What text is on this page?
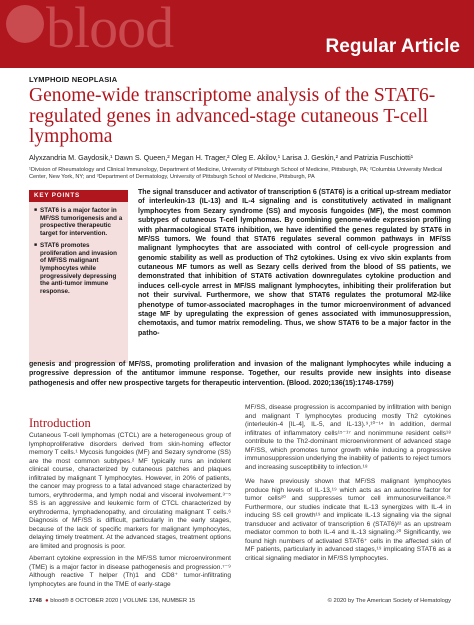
blood	Regular Article
LYMPHOID NEOPLASIA
Genome-wide transcriptome analysis of the STAT6-regulated genes in advanced-stage cutaneous T-cell lymphoma
Alyxzandria M. Gaydosik,¹ Dawn S. Queen,² Megan H. Trager,² Oleg E. Akilov,¹ Larisa J. Geskin,² and Patrizia Fuschiotti¹
¹Division of Rheumatology and Clinical Immunology, Department of Medicine, University of Pittsburgh School of Medicine, Pittsburgh, PA; ²Columbia University Medical Center, New York, NY; and ³Department of Dermatology, University of Pittsburgh School of Medicine, Pittsburgh, PA
KEY POINTS
■ STAT6 is a major factor in MF/SS tumorigenesis and a prospective therapeutic target for intervention.
■ STAT6 promotes proliferation and invasion of MF/SS malignant lymphocytes while progressively depressing the anti-tumor immune response.

The signal transducer and activator of transcription 6 (STAT6) is a critical up-stream mediator of interleukin-13 (IL-13) and IL-4 signaling and is constitutively activated in malignant lymphocytes from Sezary syndrome (SS) and mycosis fungoides (MF), the most common subtypes of cutaneous T-cell lymphomas. By combining genome-wide expression profiling with pharmacological STAT6 inhibition, we have identified the genes regulated by STAT6 in MF/SS tumors. We found that STAT6 regulates several common pathways in MF/SS malignant lymphocytes that are associated with control of cell-cycle progression and genomic stability as well as production of Th2 cytokines. Using ex vivo skin explants from cutaneous MF tumors as well as Sezary cells derived from the blood of SS patients, we demonstrated that inhibition of STAT6 activation downregulates cytokine production and induces cell-cycle arrest in MF/SS malignant lymphocytes, inhibiting their proliferation but not their survival. Furthermore, we show that STAT6 regulates the protumoral M2-like phenotype of tumor-associated macrophages in the tumor microenvironment of advanced stage MF by upregulating the expression of genes associated with immunosuppression, chemotaxis, and tumor matrix remodeling. Thus, we show STAT6 to be a major factor in the patho-

genesis and progression of MF/SS, promoting proliferation and invasion of the malignant lymphocytes while inducing a progressive depression of the antitumor immune response. Together, our results provide new insights into disease pathogenesis and offer new prospective targets for therapeutic intervention. (Blood. 2020;136(15):1748-1759)

Introduction

Cutaneous T-cell lymphomas (CTCL) are a heterogeneous group of lymphoproliferative disorders derived from skin-homing effector memory T cells.¹ Mycosis fungoides (MF) and Sezary syndrome (SS) are the most common subtypes.² MF typically runs an indolent clinical course, characterized by cutaneous patches and plaques infiltrated by malignant T lymphocytes. However, in 20% of patients, the cancer may progress to a fatal advanced stage characterized by tumors, erythroderma, and lymph nodal and visceral involvement.³⁻⁵ SS is an aggressive and leukemic form of CTCL characterized by erythroderma, lymphadenopathy, and circulating malignant T cells.⁶ Diagnosis of MF/SS is difficult, particularly in the early stages, because of the lack of specific markers for malignant lymphocytes, delaying timely treatment. At the advanced stages, treatment options are limited and prognosis is poor.

Aberrant cytokine expression in the MF/SS tumor microenvironment (TME) is a major factor in disease pathogenesis and progression.⁷⁻⁹ Although reactive T helper (Th)1 and CD8⁺ tumor-infiltrating lymphocytes are found in the TME of early-stage

MF/SS, disease progression is accompanied by infiltration with benign and malignant T lymphocytes producing mostly Th2 cytokines (interleukin-4 [IL-4], IL-5, and IL-13).⁹,¹⁰⁻¹⁴ In addition, dermal infiltrates of inflammatory cells¹⁵⁻¹⁷ and nonimmune resident cells¹⁸ contribute to the Th2-dominant microenvironment of advanced stage MF/SS, which promotes tumor growth while inducing a progressive immunosuppression underlying the inability of patients to reject tumors and increasing susceptibility to infection.¹⁸

We have previously shown that MF/SS malignant lymphocytes produce high levels of IL-13,¹⁹ which acts as an autocrine factor for tumor cells²⁰ and suppresses tumor cell immunosurveillance.²¹ Furthermore, our studies indicate that IL-13 synergizes with IL-4 in inducing SS cell growth¹⁹ and implicate IL-13 signaling via the signal transducer and activator of transcription 6 (STAT6)²² as an upstream mediator common to both IL-4 and IL-13 signaling.²⁰ Significantly, we found high numbers of activated STAT6⁺ cells in the affected skin of MF patients, particularly in advanced stages,¹⁹ implicating STAT6 as a critical signaling mediator in MF/SS lymphocytes.

1748 ● blood® 8 OCTOBER 2020 | VOLUME 136, NUMBER 15	© 2020 by The American Society of Hematology
